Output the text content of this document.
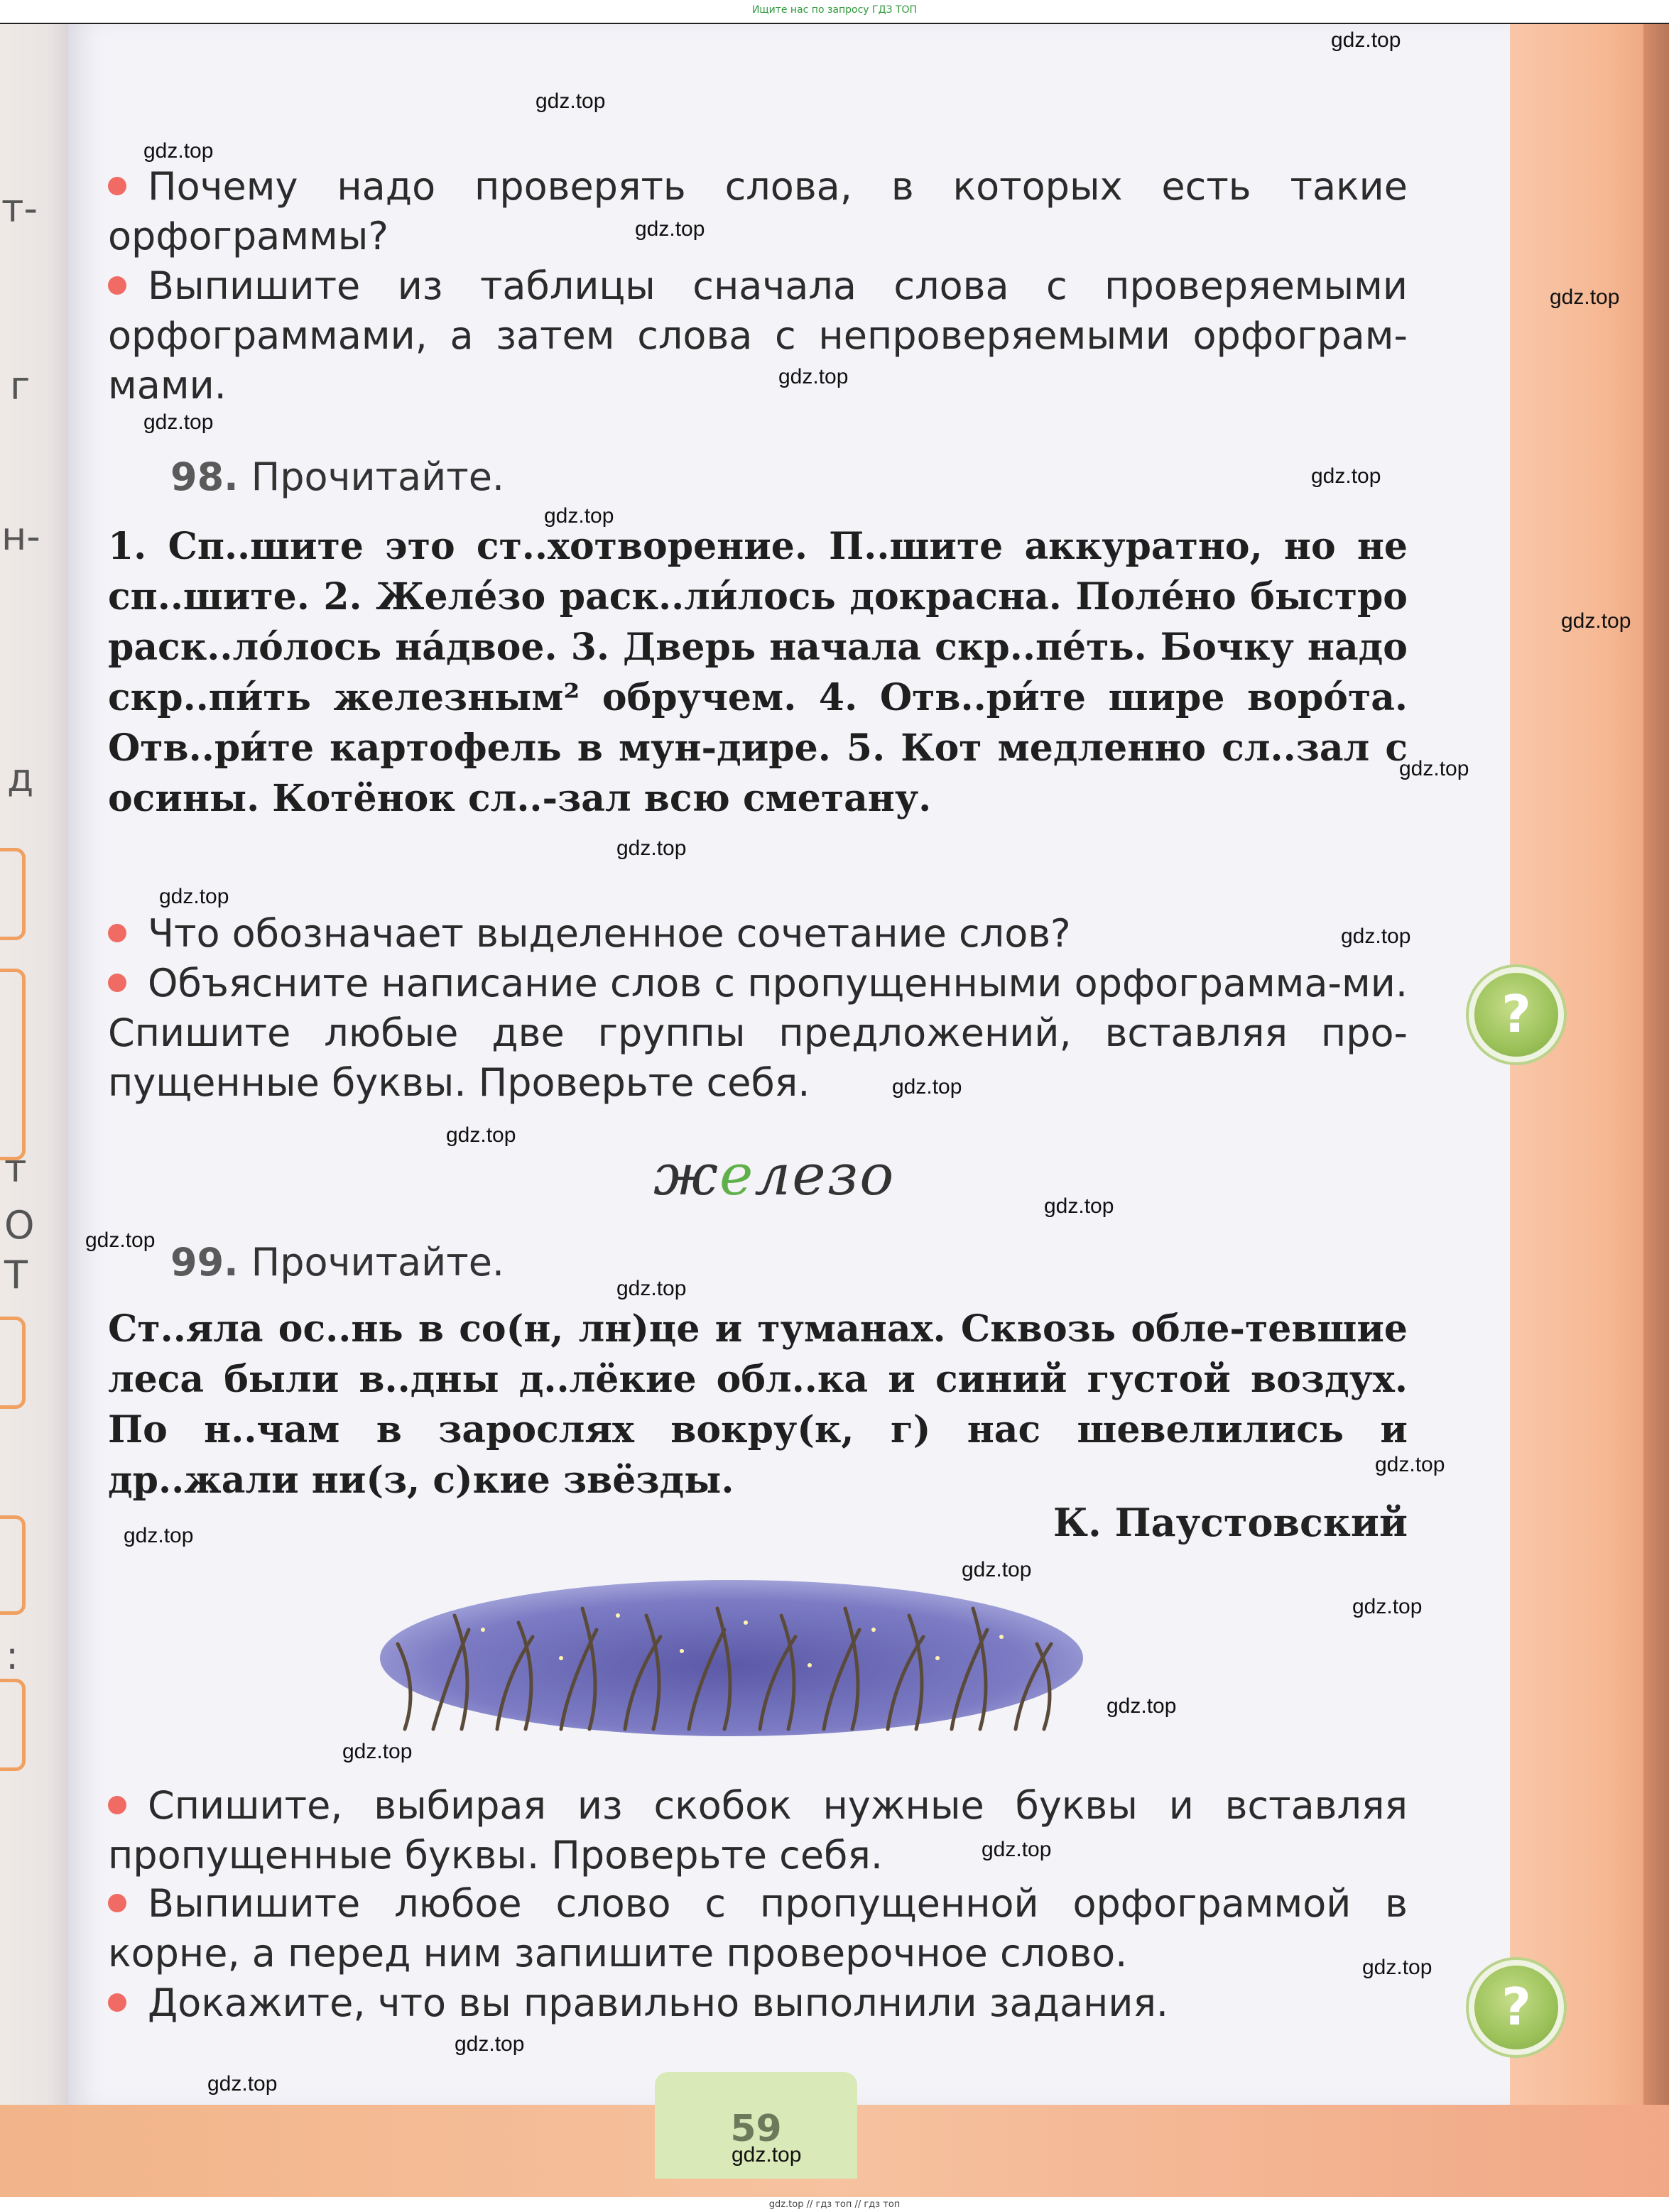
Ищите нас по запросу ГДЗ ТОП
т-
г
н-
д
т
О
Т
:
?
?

Почему надо проверять слова, в которых есть такие орфограммы?

Выпишите из таблицы сначала слова с проверяемыми орфограммами, а затем слова с непроверяемыми орфограм-мами.

98. Прочитайте.

1. Сп..шите это ст..хотворение. П..шите аккуратно, но не сп..шите. 2. Желе́зо раск..ли́лось докрасна. Поле́но быстро раск..ло́лось на́двое. 3. Дверь начала скр..пе́ть. Бочку надо скр..пи́ть железным² обручем. 4. Отв..ри́те шире воро́та. Отв..ри́те картофель в мун-дире. 5. Кот медленно сл..зал с осины. Котёнок сл..-зал всю сметану.

Что обозначает выделенное сочетание слов?

Объясните написание слов с пропущенными орфограмма-ми. Спишите любые две группы предложений, вставляя про-пущенные буквы. Проверьте себя.

железо
99. Прочитайте.

Ст..яла ос..нь в со(н, лн)це и туманах. Сквозь обле-тевшие леса были в..дны д..лёкие обл..ка и синий густой воздух. По н..чам в зарослях вокру(к, г) нас шевелились и др..жали ни(з, с)кие звёзды.

К. Паустовский

Спишите, выбирая из скобок нужные буквы и вставляя пропущенные буквы. Проверьте себя.

Выпишите любое слово с пропущенной орфограммой в корне, а перед ним запишите проверочное слово.

Докажите, что вы правильно выполнили задания.

59
gdz.top // гдз топ // гдз топ
gdz.top
gdz.top
gdz.top
gdz.top
gdz.top
gdz.top
gdz.top
gdz.top
gdz.top
gdz.top
gdz.top
gdz.top
gdz.top
gdz.top
gdz.top
gdz.top
gdz.top
gdz.top
gdz.top
gdz.top
gdz.top
gdz.top
gdz.top
gdz.top
gdz.top
gdz.top
gdz.top
gdz.top
gdz.top
gdz.top
